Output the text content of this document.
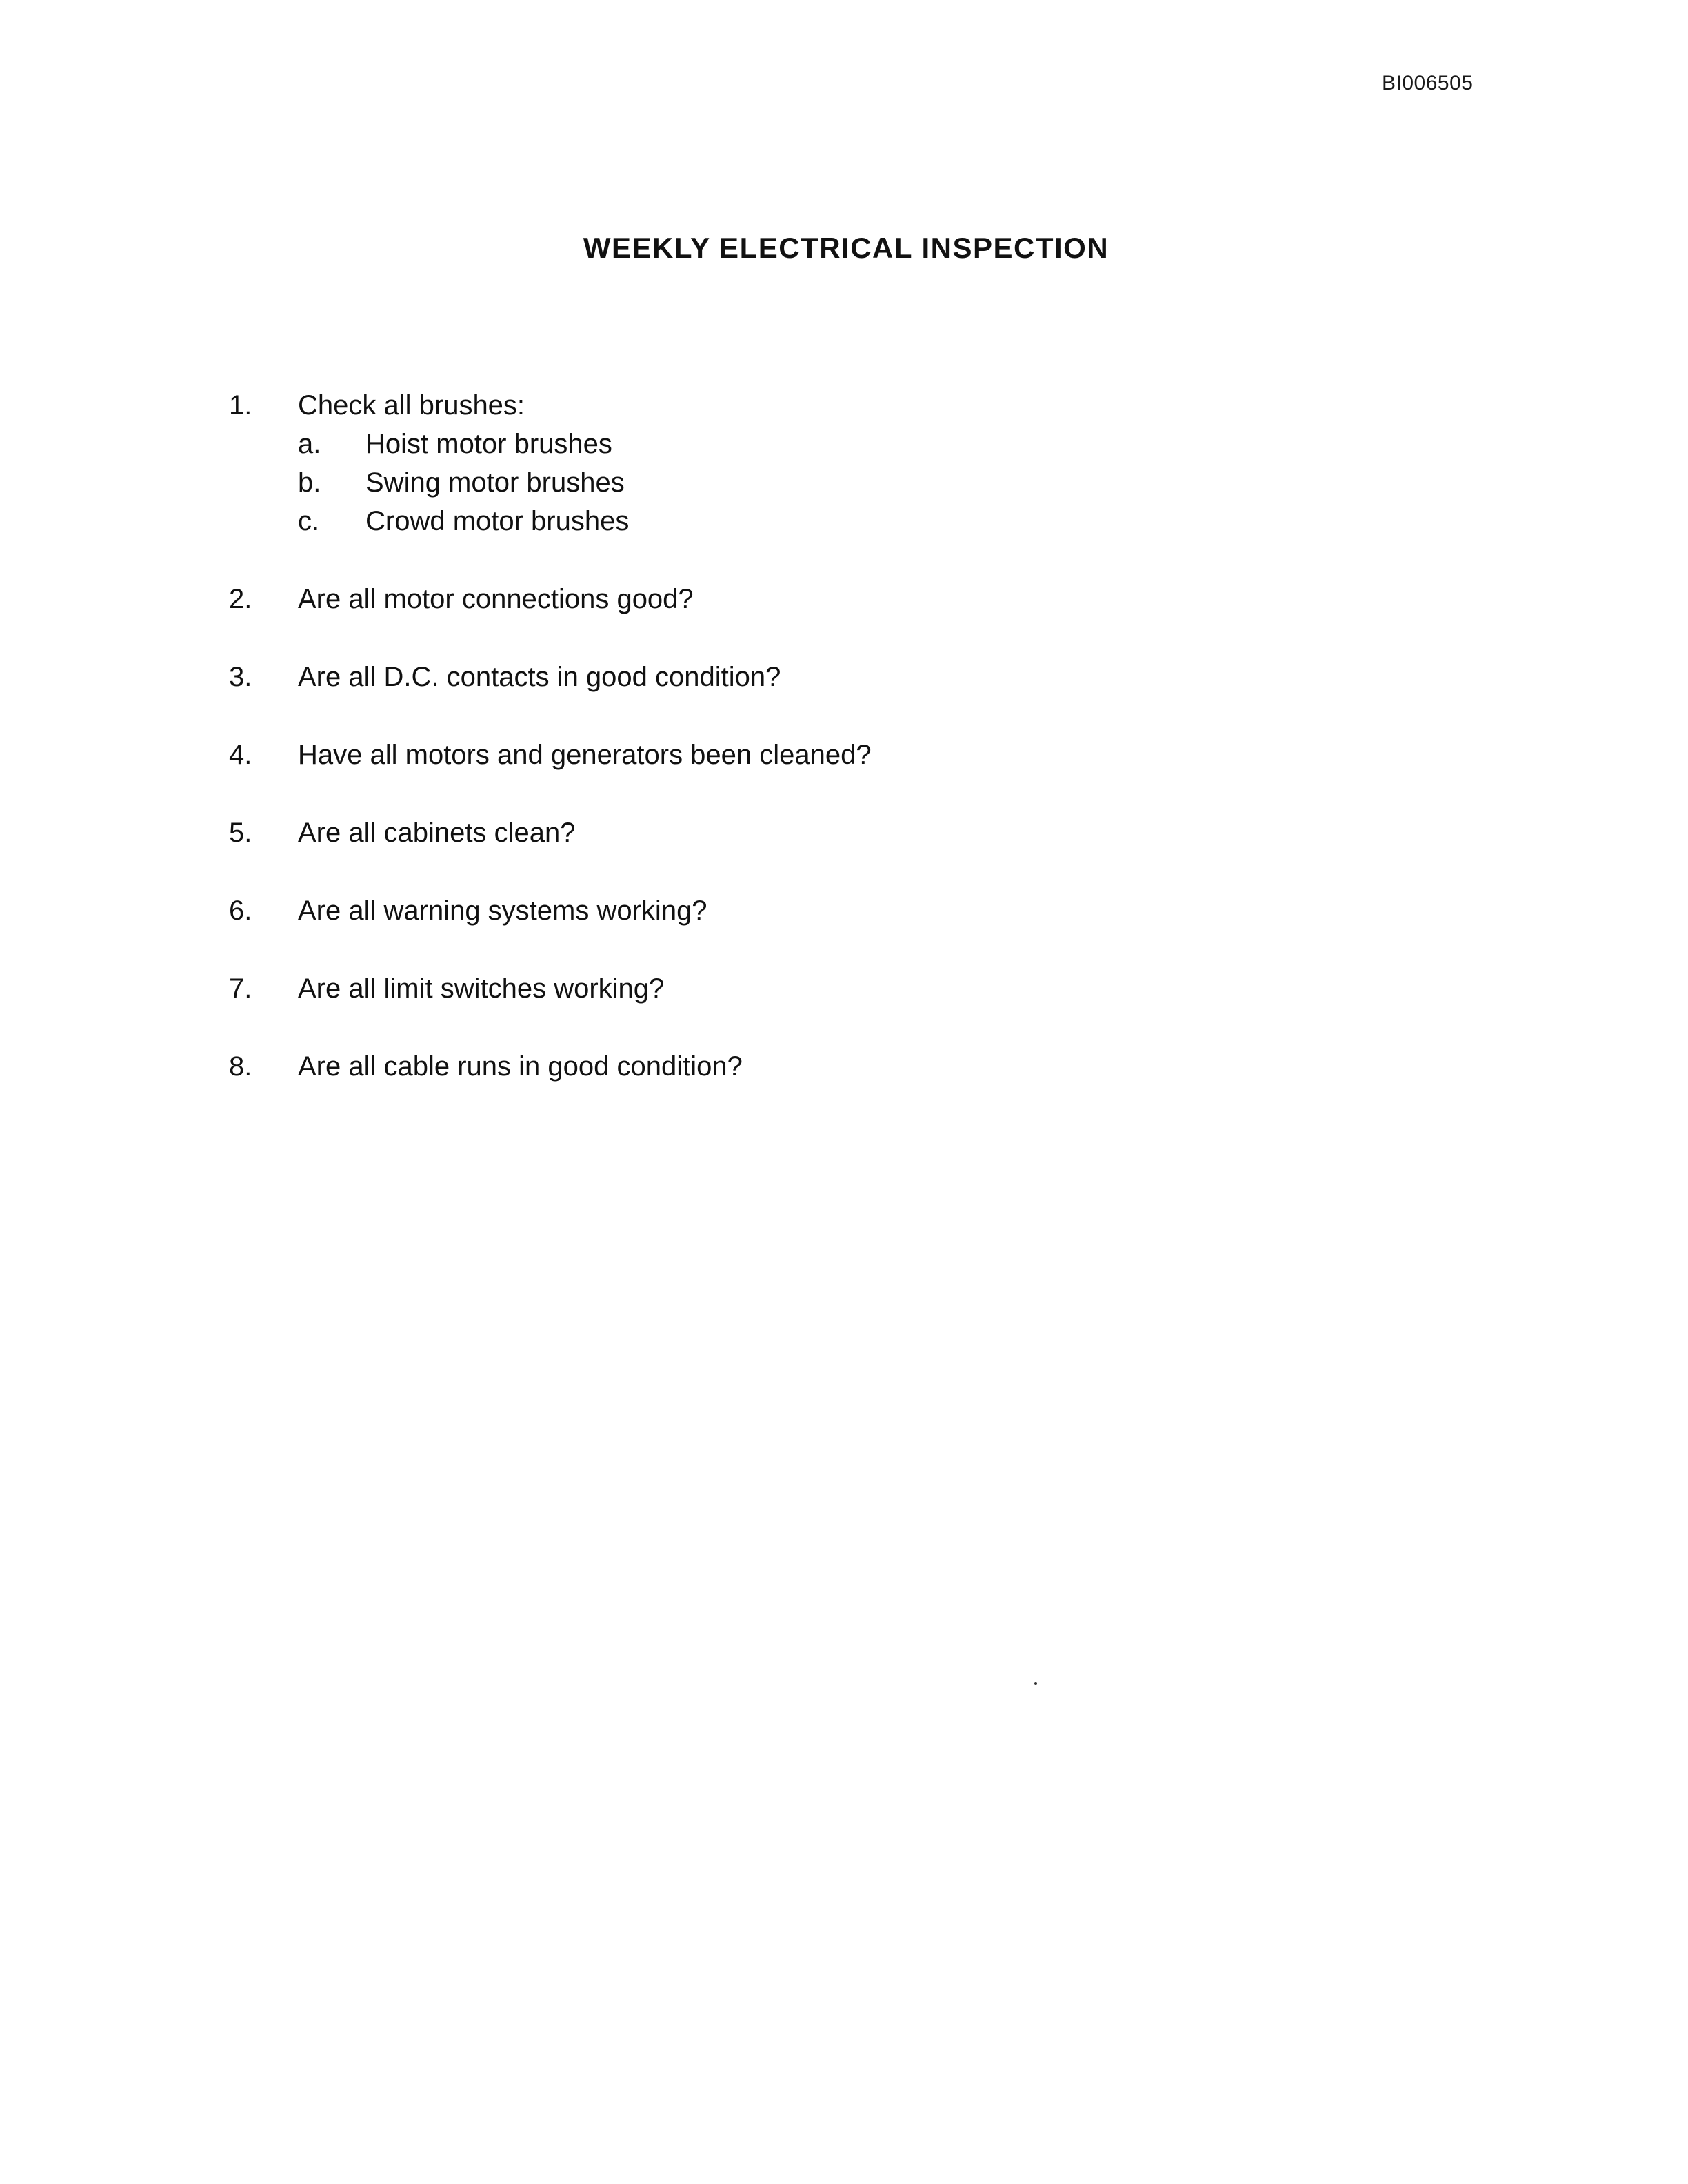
BI006505
WEEKLY ELECTRICAL INSPECTION
1. Check all brushes:
a. Hoist motor brushes
b. Swing motor brushes
c. Crowd motor brushes
2. Are all motor connections good?
3. Are all D.C. contacts in good condition?
4. Have all motors and generators been cleaned?
5. Are all cabinets clean?
6. Are all warning systems working?
7. Are all limit switches working?
8. Are all cable runs in good condition?
